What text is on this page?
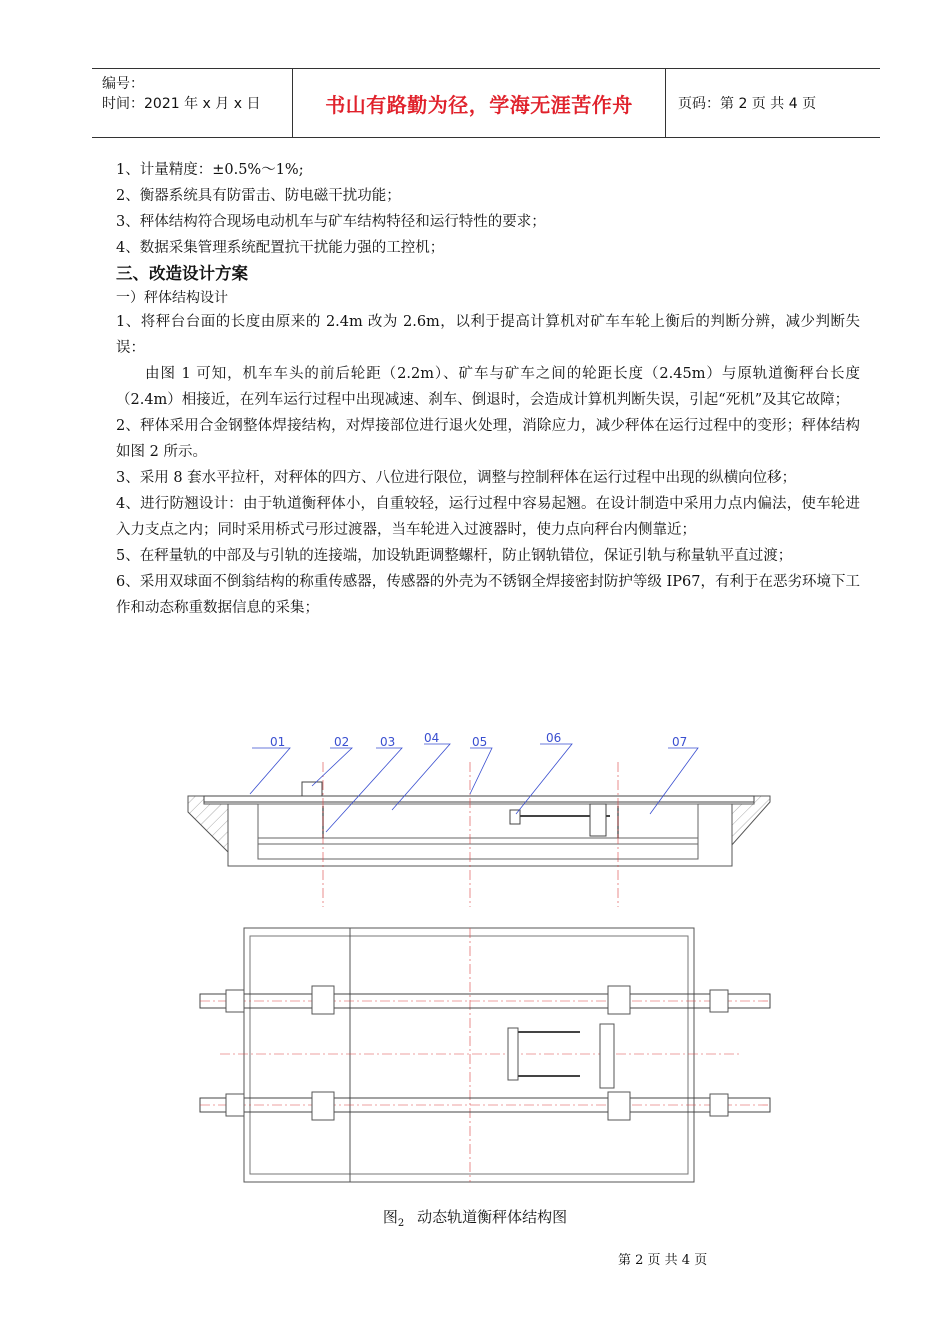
编号：
时间：2021 年 x 月 x 日	书山有路勤为径，学海无涯苦作舟	页码：第 2 页 共 4 页

1、计量精度：±0.5%～1%;

2、衡器系统具有防雷击、防电磁干扰功能；

3、秤体结构符合现场电动机车与矿车结构特径和运行特性的要求；

4、数据采集管理系统配置抗干扰能力强的工控机；

三、改造设计方案

一）秤体结构设计

1、将秤台台面的长度由原来的 2.4m 改为 2.6m，以利于提高计算机对矿车车轮上衡后的判断分辨，减少判断失误：

由图 1 可知，机车车头的前后轮距（2.2m）、矿车与矿车之间的轮距长度（2.45m）与原轨道衡秤台长度（2.4m）相接近，在列车运行过程中出现减速、刹车、倒退时，会造成计算机判断失误，引起“死机”及其它故障；

2、秤体采用合金钢整体焊接结构，对焊接部位进行退火处理，消除应力，减少秤体在运行过程中的变形；秤体结构如图 2 所示。

3、采用 8 套水平拉杆，对秤体的四方、八位进行限位，调整与控制秤体在运行过程中出现的纵横向位移；

4、进行防翘设计：由于轨道衡秤体小，自重较轻，运行过程中容易起翘。在设计制造中采用力点内偏法，使车轮进入力支点之内；同时采用桥式弓形过渡器，当车轮进入过渡器时，使力点向秤台内侧靠近；

5、在秤量轨的中部及与引轨的连接端，加设轨距调整螺杆，防止钢轨错位，保证引轨与称量轨平直过渡；

6、采用双球面不倒翁结构的称重传感器，传感器的外壳为不锈钢全焊接密封防护等级 IP67，有利于在恶劣环境下工作和动态称重数据信息的采集；

01	02	03 04	05	06	07
图$_2$ 动态轨道衡秤体结构图
第 2 页 共 4 页
